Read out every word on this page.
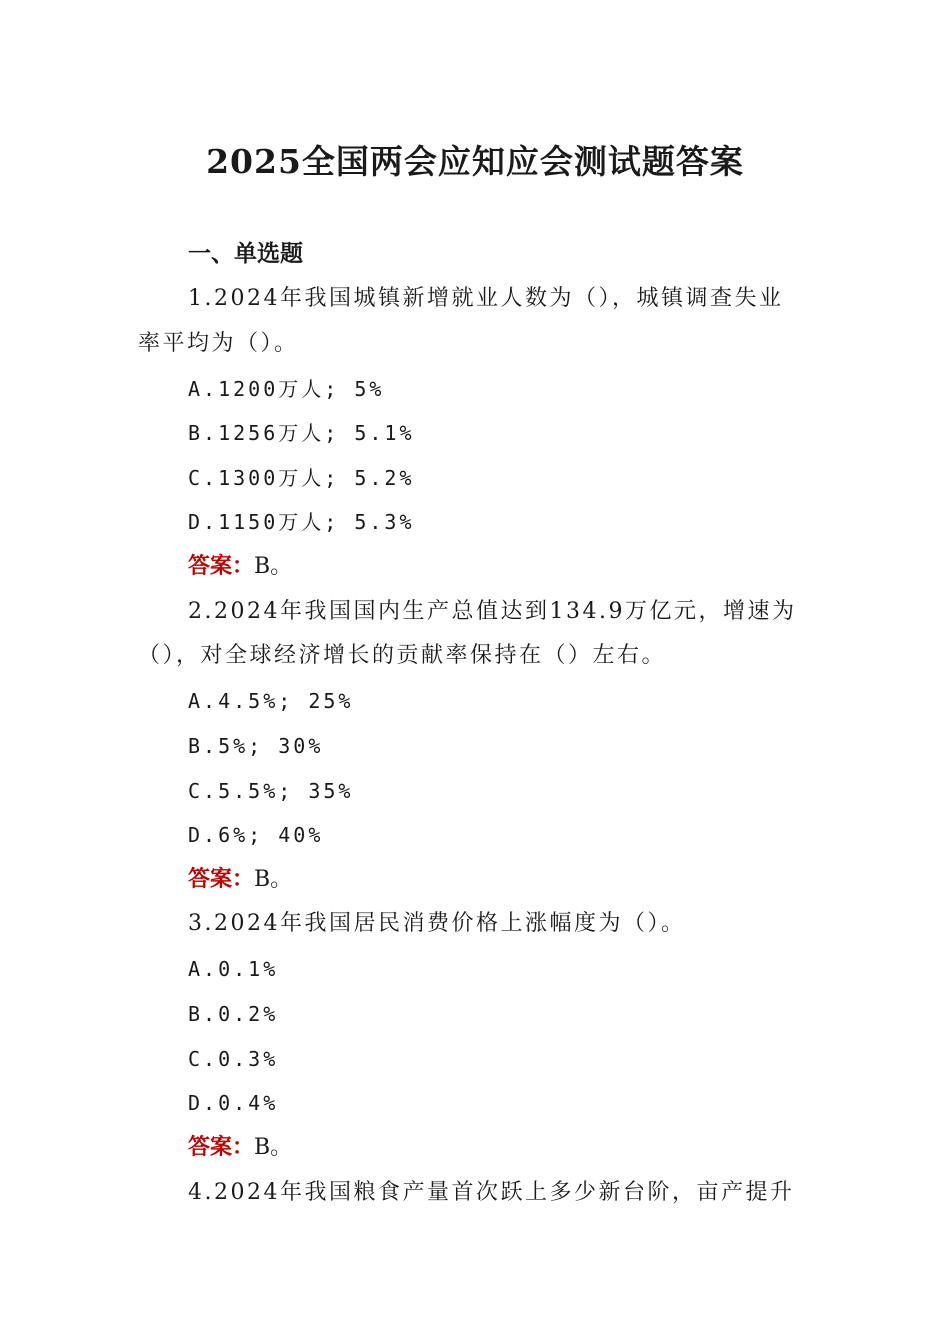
2025全国两会应知应会测试题答案
一、单选题
1.2024年我国城镇新增就业人数为（），城镇调查失业
率平均为（）。
A.1200万人; 5%
B.1256万人; 5.1%
C.1300万人; 5.2%
D.1150万人; 5.3%
答案：B。
2.2024年我国国内生产总值达到134.9万亿元，增速为
（），对全球经济增长的贡献率保持在（）左右。
A.4.5%; 25%
B.5%; 30%
C.5.5%; 35%
D.6%; 40%
答案：B。
3.2024年我国居民消费价格上涨幅度为（）。
A.0.1%
B.0.2%
C.0.3%
D.0.4%
答案：B。
4.2024年我国粮食产量首次跃上多少新台阶，亩产提升
